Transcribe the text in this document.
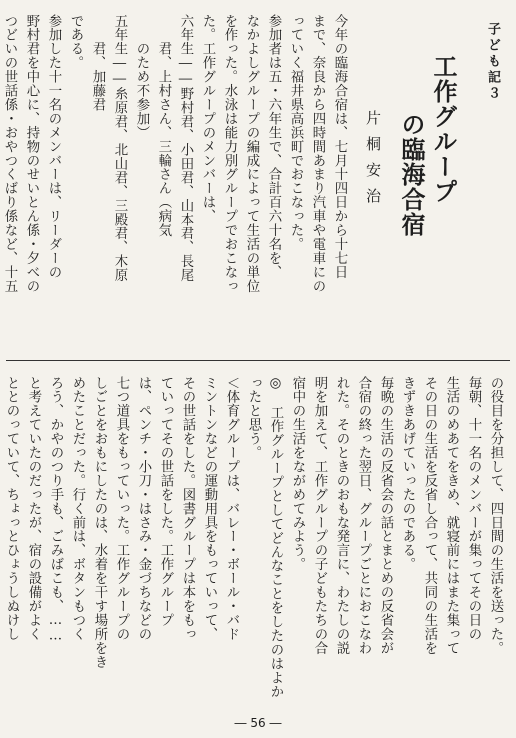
子ども記３
工作グループ
の臨海合宿
片桐安治
今年の臨海合宿は、七月十四日から十七日
まで、奈良から四時間あまり汽車や電車にの
っていく福井県高浜町でおこなった。
参加者は五・六年生で、合計百六十名を、
なかよしグループの編成によって生活の単位
を作った。水泳は能力別グループでおこなっ
た。工作グループのメンバーは、
六年生――野村君、小田君、山本君、長尾
　　君、上村さん、三輪さん（病気
　　のため不参加）
五年生――糸原君、北山君、三殿君、木原
　　君、加藤君
である。
参加した十一名のメンバーは、リーダーの
野村君を中心に、持物のせいとん係・夕べの
つどいの世話係・おやつくばり係など、十五
の役目を分担して、四日間の生活を送った。
毎朝、十一名のメンバーが集ってその日の
生活のめあてをきめ、就寝前にはまた集って
その日の生活を反省し合って、共同の生活を
きずきあげていったのである。
毎晩の生活の反省会の話とまとめの反省会が
合宿の終った翌日、グループごとにおこなわ
れた。そのときのおもな発言に、わたしの説
明を加えて、工作グループの子どもたちの合
宿中の生活をながめてみよう。
◎　工作グループとしてどんなことをしたのはよか
ったと思う。
＜体育グループは、バレー・ボール・バド
ミントンなどの運動用具をもっていって、
その世話をした。図書グループは本をもっ
ていってその世話をした。工作グループ
は、ペンチ・小刀・はさみ・金づちなどの
七つ道具をもっていった。工作グループの
しごとをおもにしたのは、水着を干す場所をき
めたことだった。行く前は、ボタンもつく
ろう、かやのつり手も、ごみばこも、……
と考えていたのだったが、宿の設備がよく
ととのっていて、ちょっとひょうしぬけし
― 56 ―
